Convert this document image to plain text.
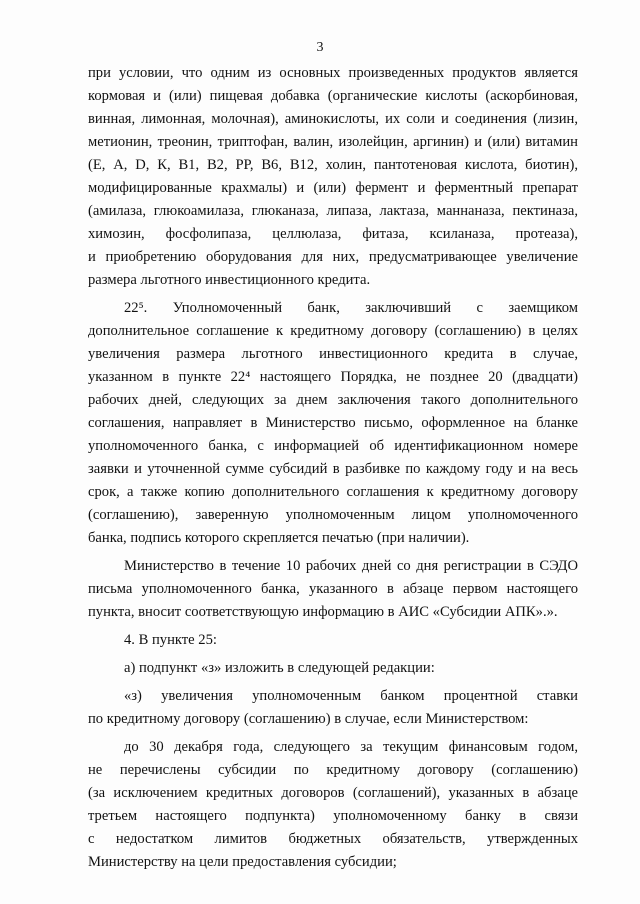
3
при условии, что одним из основных произведенных продуктов является
кормовая и (или) пищевая добавка (органические кислоты (аскорбиновая,
винная, лимонная, молочная), аминокислоты, их соли и соединения (лизин,
метионин, треонин, триптофан, валин, изолейцин, аргинин) и (или) витамин
(Е, А, D, К, В1, В2, РР, В6, В12, холин, пантотеновая кислота, биотин),
модифицированные крахмалы) и (или) фермент и ферментный препарат
(амилаза, глюкоамилаза, глюканаза, липаза, лактаза, маннаназа, пектиназа,
химозин, фосфолипаза, целлюлаза, фитаза, ксиланаза, протеаза),
и приобретению оборудования для них, предусматривающее увеличение
размера льготного инвестиционного кредита.
22⁵. Уполномоченный банк, заключивший с заемщиком
дополнительное соглашение к кредитному договору (соглашению) в целях
увеличения размера льготного инвестиционного кредита в случае,
указанном в пункте 22⁴ настоящего Порядка, не позднее 20 (двадцати)
рабочих дней, следующих за днем заключения такого дополнительного
соглашения, направляет в Министерство письмо, оформленное на бланке
уполномоченного банка, с информацией об идентификационном номере
заявки и уточненной сумме субсидий в разбивке по каждому году и на весь
срок, а также копию дополнительного соглашения к кредитному договору
(соглашению), заверенную уполномоченным лицом уполномоченного
банка, подпись которого скрепляется печатью (при наличии).
Министерство в течение 10 рабочих дней со дня регистрации в СЭДО
письма уполномоченного банка, указанного в абзаце первом настоящего
пункта, вносит соответствующую информацию в АИС «Субсидии АПК».».
4. В пункте 25:
а) подпункт «з» изложить в следующей редакции:
«з) увеличения уполномоченным банком процентной ставки
по кредитному договору (соглашению) в случае, если Министерством:
до 30 декабря года, следующего за текущим финансовым годом,
не перечислены субсидии по кредитному договору (соглашению)
(за исключением кредитных договоров (соглашений), указанных в абзаце
третьем настоящего подпункта) уполномоченному банку в связи
с недостатком лимитов бюджетных обязательств, утвержденных
Министерству на цели предоставления субсидии;
